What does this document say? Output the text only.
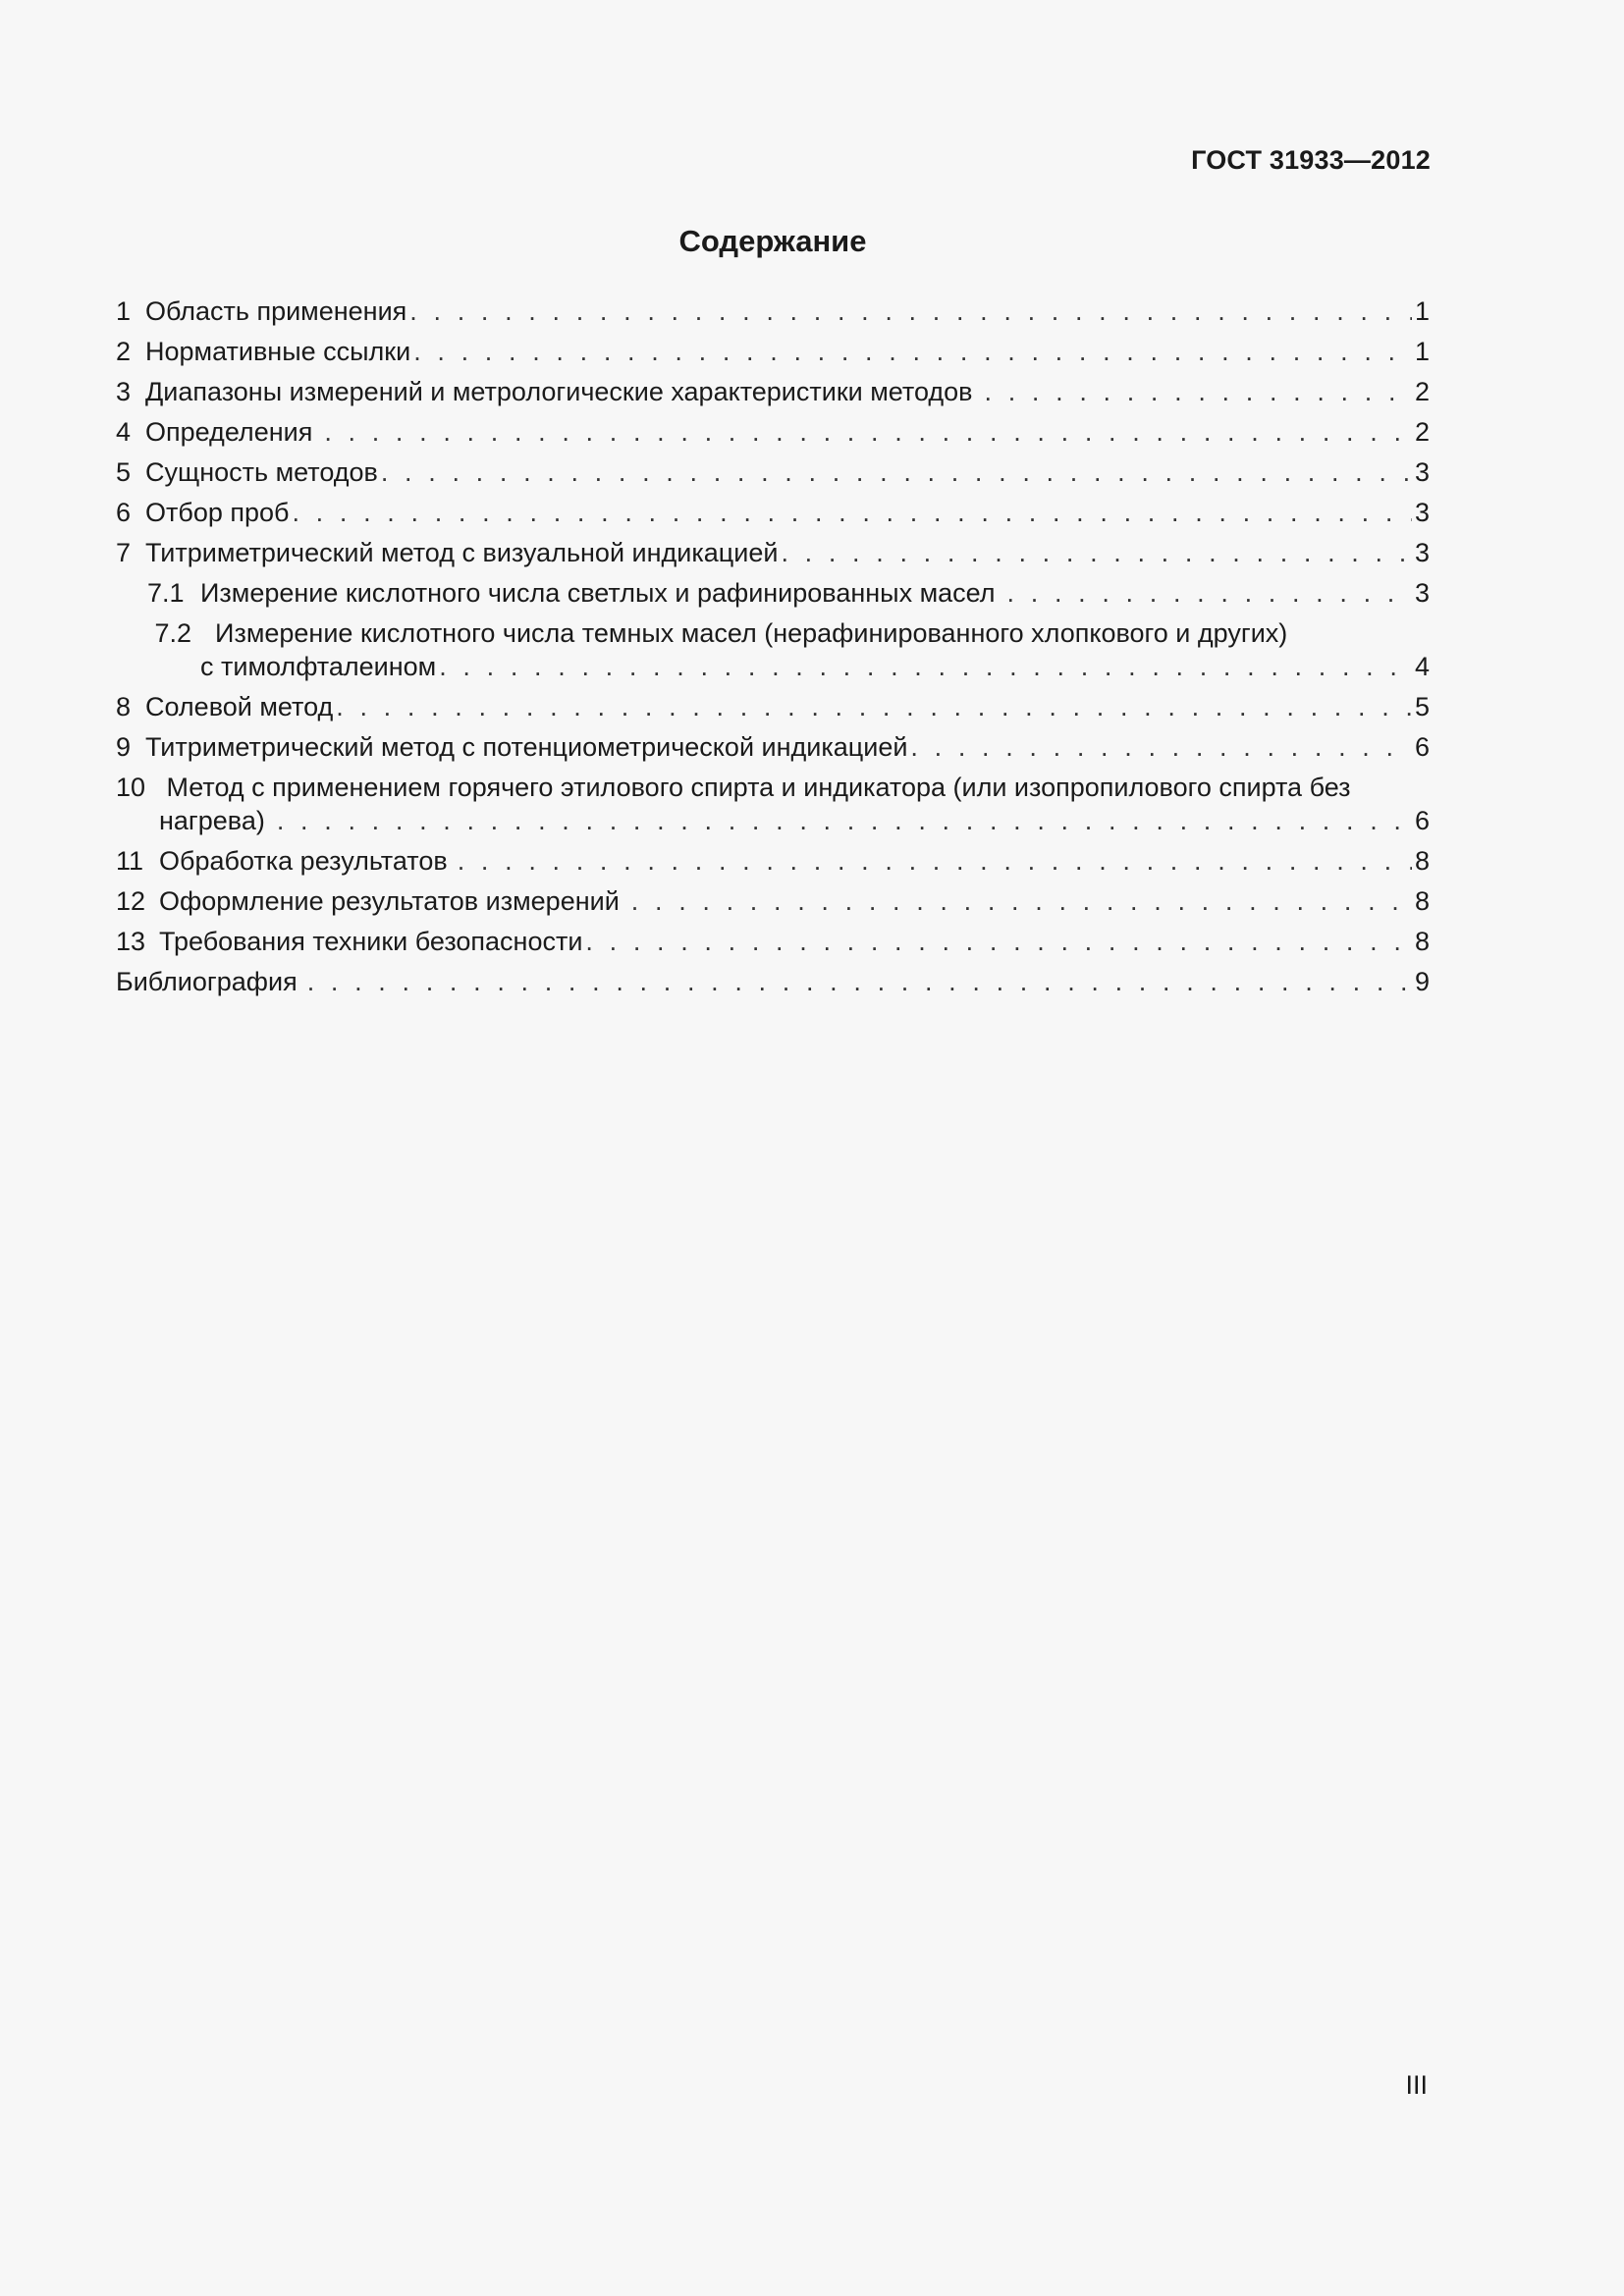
ГОСТ 31933—2012
Содержание
1 Область применения . . .	1
2 Нормативные ссылки . . .	1
3 Диапазоны измерений и метрологические характеристики методов . . .	2
4 Определения . . .	2
5 Сущность методов . . .	3
6 Отбор проб . . .	3
7 Титриметрический метод с визуальной индикацией . . .	3
7.1 Измерение кислотного числа светлых и рафинированных масел . . .	3
7.2 Измерение кислотного числа темных масел (нерафинированного хлопкового и других)
с тимолфталеином . . .	4
8 Солевой метод . . .	5
9 Титриметрический метод с потенциометрической индикацией . . .	6
10 Метод с применением горячего этилового спирта и индикатора (или изопропилового спирта без
нагрева) . . .	6
11 Обработка результатов . . .	8
12 Оформление результатов измерений . . .	8
13 Требования техники безопасности . . .	8
Библиография . . .	9
III
